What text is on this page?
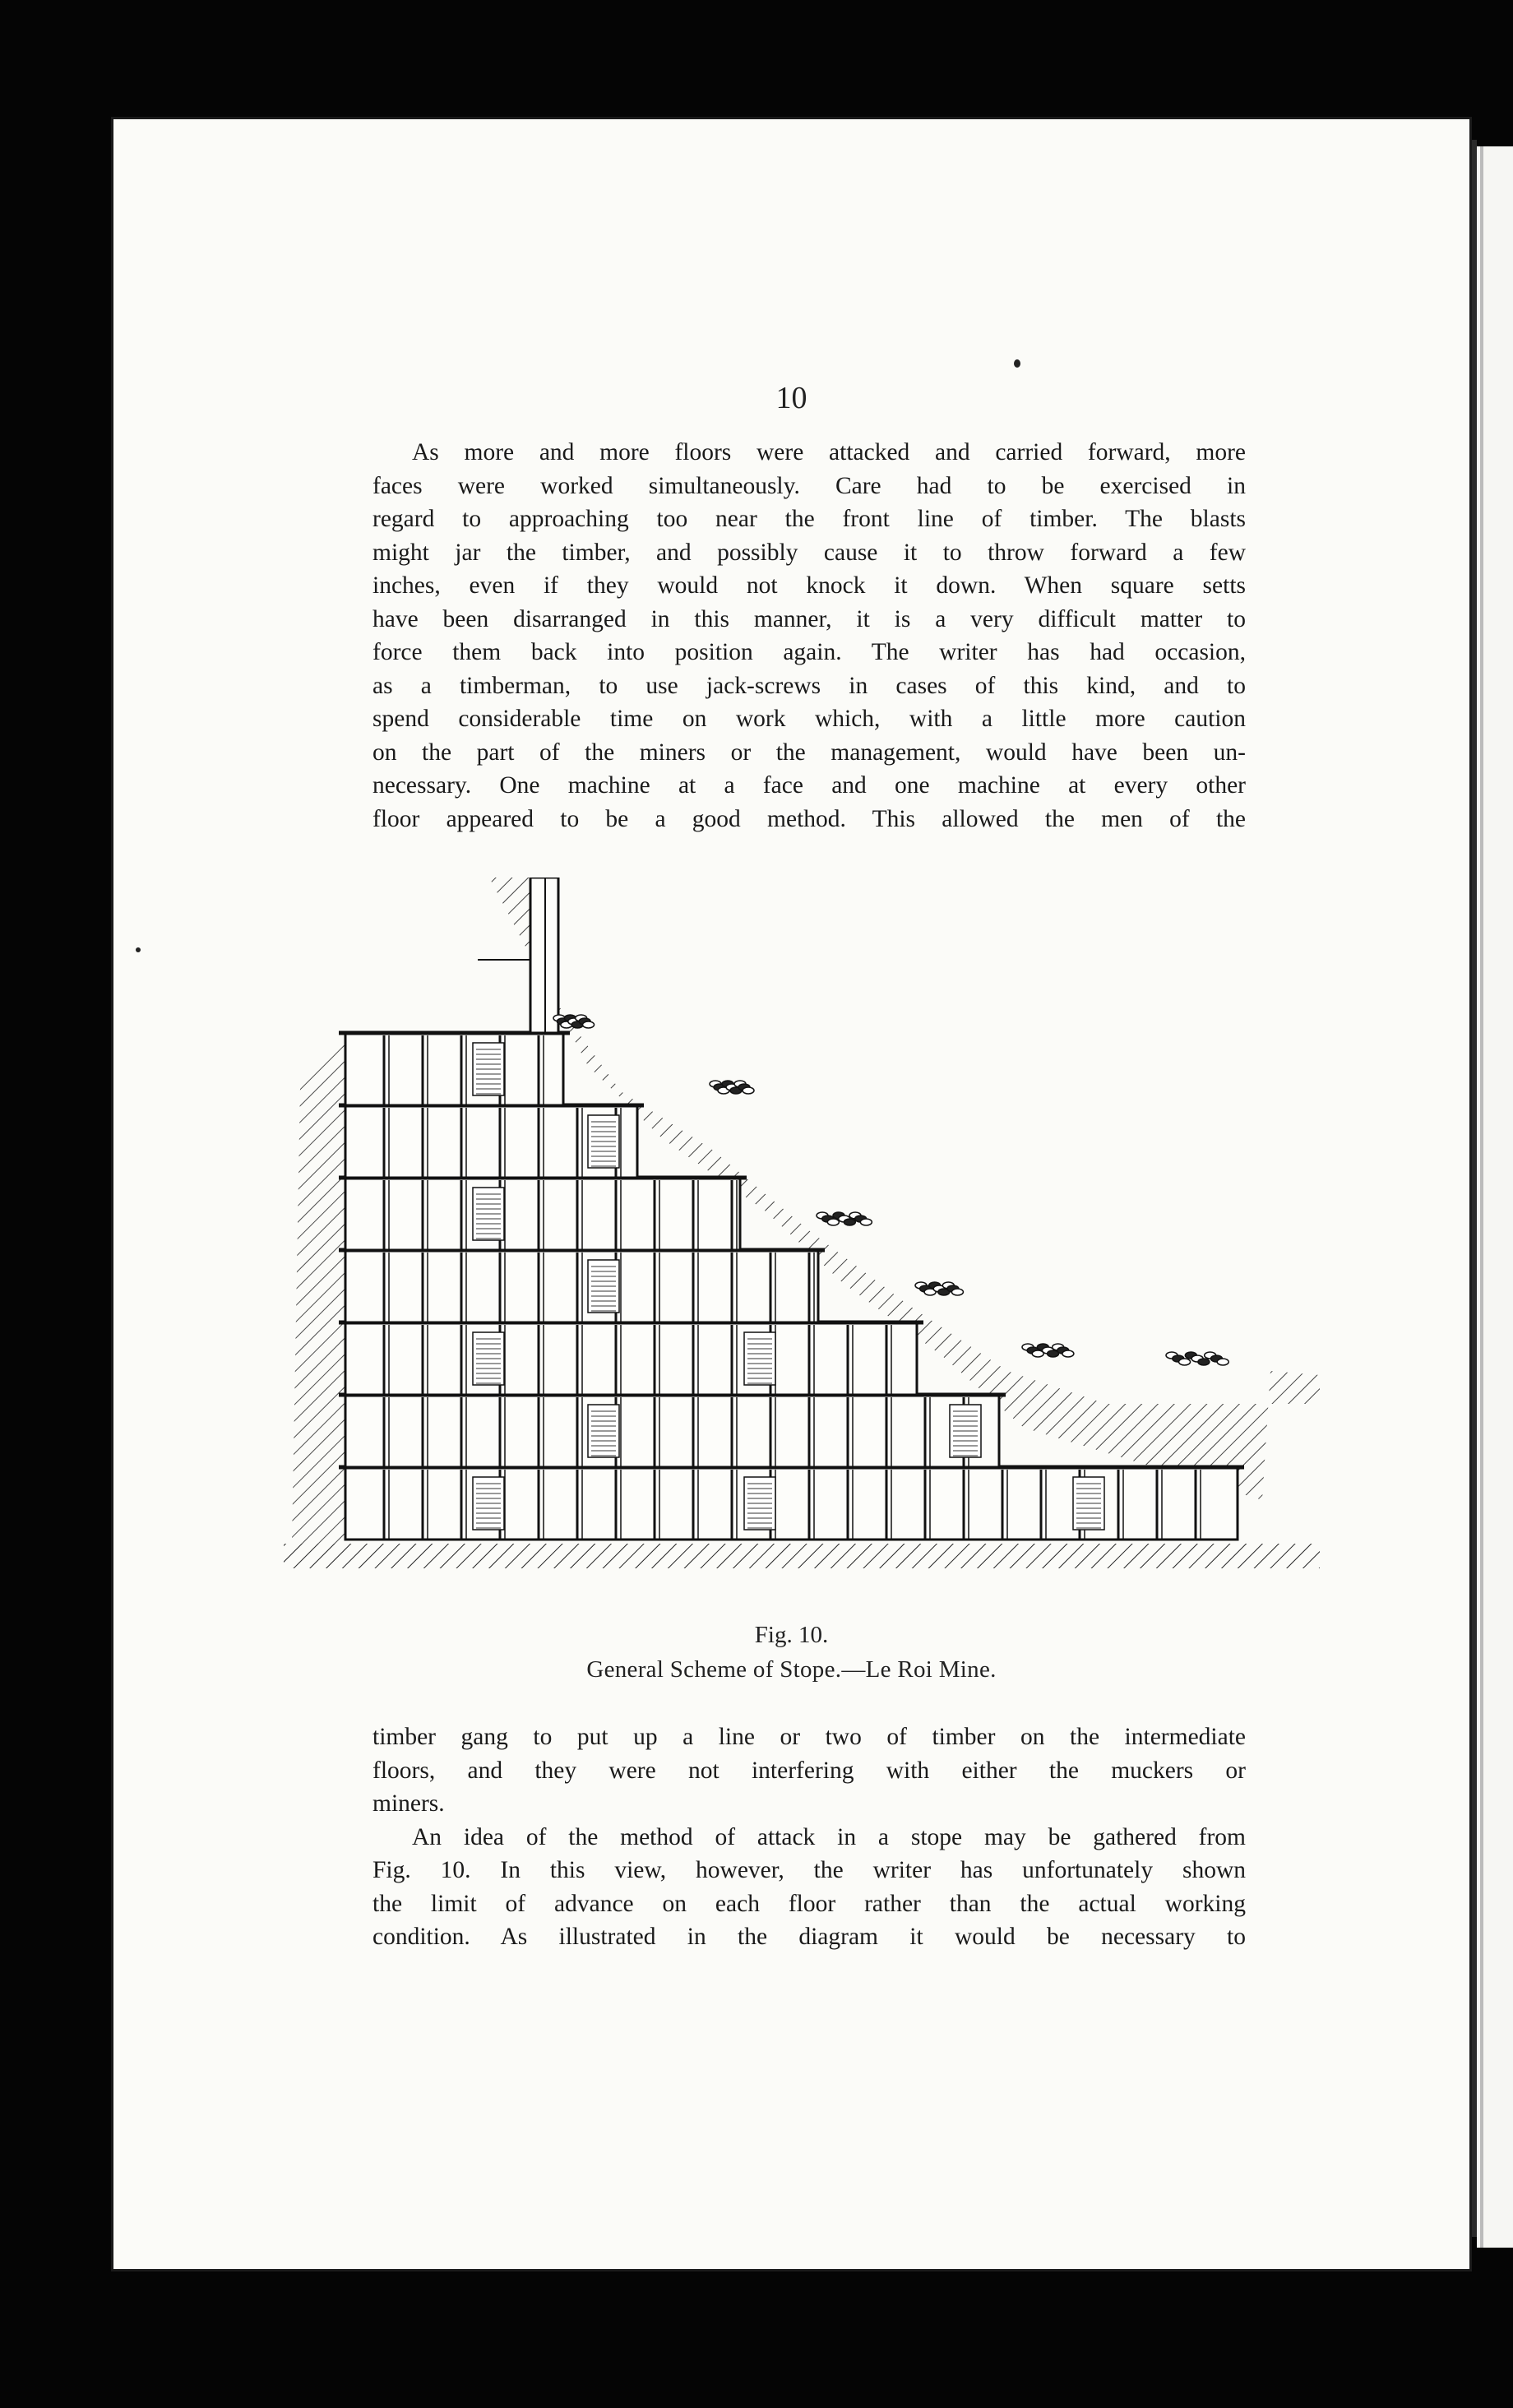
10

As more and more floors were attacked and carried forward, more

faces were worked simultaneously. Care had to be exercised in

regard to approaching too near the front line of timber. The blasts

might jar the timber, and possibly cause it to throw forward a few

inches, even if they would not knock it down. When square setts

have been disarranged in this manner, it is a very difficult matter to

force them back into position again. The writer has had occasion,

as a timberman, to use jack-screws in cases of this kind, and to

spend considerable time on work which, with a little more caution

on the part of the miners or the management, would have been un-

necessary. One machine at a face and one machine at every other

floor appeared to be a good method. This allowed the men of the

Fig. 10.
General Scheme of Stope.—Le Roi Mine.

timber gang to put up a line or two of timber on the intermediate

floors, and they were not interfering with either the muckers or

miners.

An idea of the method of attack in a stope may be gathered from

Fig. 10. In this view, however, the writer has unfortunately shown

the limit of advance on each floor rather than the actual working

condition. As illustrated in the diagram it would be necessary to
